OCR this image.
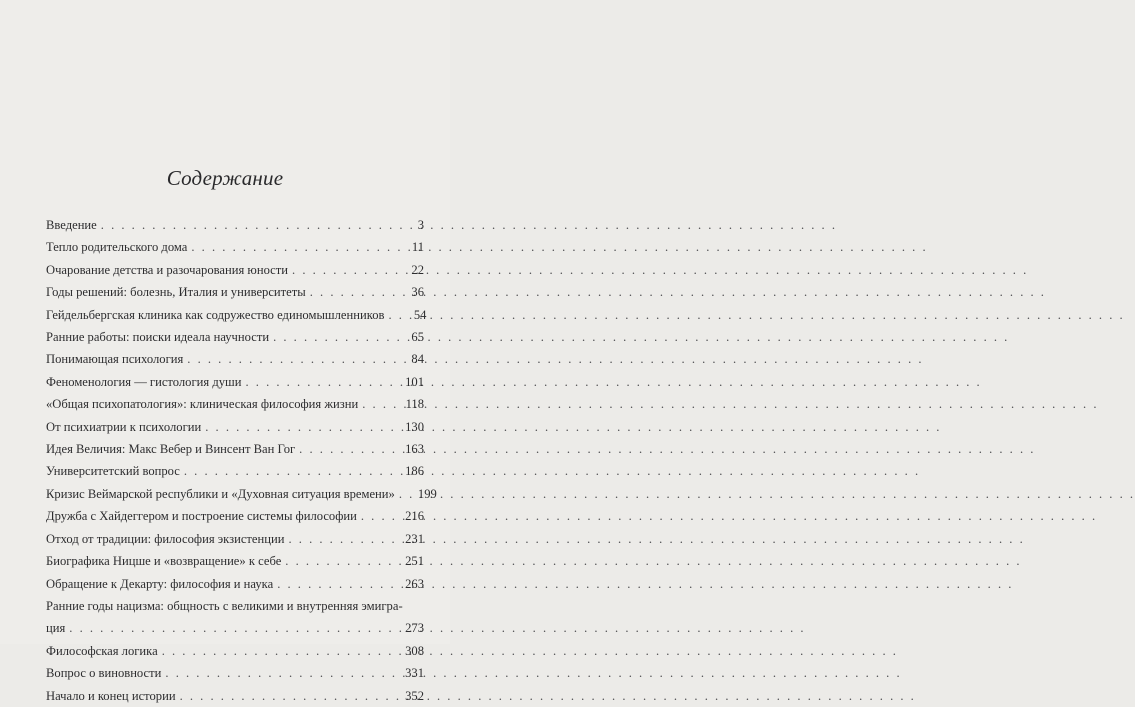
Содержание
Введение . . .	3
Тепло родительского дома . . .	11
Очарование детства и разочарования юности . . .	22
Годы решений: болезнь, Италия и университеты . . .	36
Гейдельбергская клиника как содружество единомышленников . . .	54
Ранние работы: поиски идеала научности . . .	65
Понимающая психология . . .	84
Феноменология — гистология души . . .	101
«Общая психопатология»: клиническая философия жизни . . .	118
От психиатрии к психологии . . .	130
Идея Величия: Макс Вебер и Винсент Ван Гог . . .	163
Университетский вопрос . . .	186
Кризис Веймарской республики и «Духовная ситуация времени» . . . 199
Дружба с Хайдеггером и построение системы философии . . .	216
Отход от традиции: философия экзистенции . . .	231
Биографика Ницше и «возвращение» к себе . . .	251
Обращение к Декарту: философия и наука . . .	263
Ранние годы нацизма: общность с великими и внутренняя эмигра-
ция . . .	273
Философская логика . . .	308
Вопрос о виновности . . .	331
Начало и конец истории . . .	352
